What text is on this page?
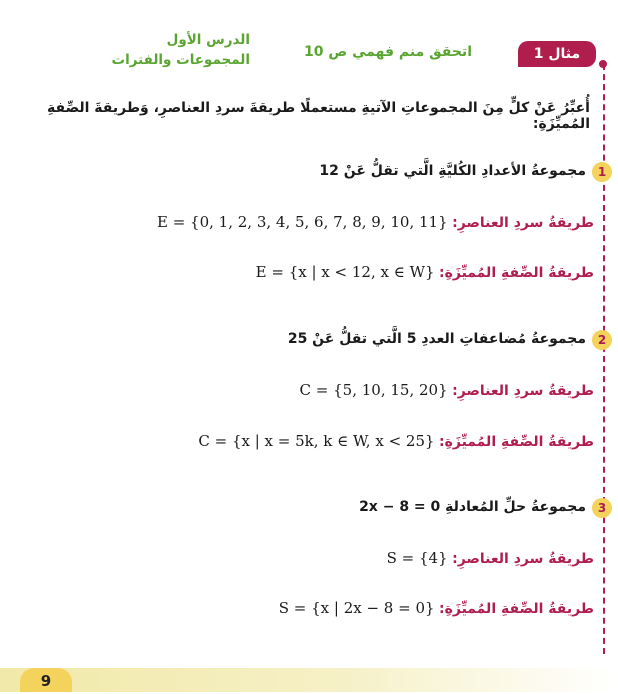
الدرس الأول
المجموعات والفترات	اتحقق منم فهمي ص 10	مثال 1
أُعبِّرُ عَنْ كلٍّ مِنَ المجموعاتِ الآتيةِ مستعملًا طريقةَ سردِ العناصرِ، وَطريقةَ الصِّفةِ المُميِّزَةِ:
1
مجموعةُ الأعدادِ الكُليَّةِ الَّتي تقلُّ عَنْ 12
طريقةُ سردِ العناصرِ: E = {0, 1, 2, 3, 4, 5, 6, 7, 8, 9, 10, 11}
طريقةُ الصِّفةِ المُميِّزَةِ: E = {x | x < 12, x ∈ W}
2
مجموعةُ مُضاعفاتِ العددِ 5 الَّتي تقلُّ عَنْ 25
طريقةُ سردِ العناصرِ: C = {5, 10, 15, 20}
طريقةُ الصِّفةِ المُميِّزَةِ: C = {x | x = 5k, k ∈ W, x < 25}
3
مجموعةُ حلِّ المُعادلةِ 2x − 8 = 0
طريقةُ سردِ العناصرِ: S = {4}
طريقةُ الصِّفةِ المُميِّزَةِ: S = {x | 2x − 8 = 0}
9
